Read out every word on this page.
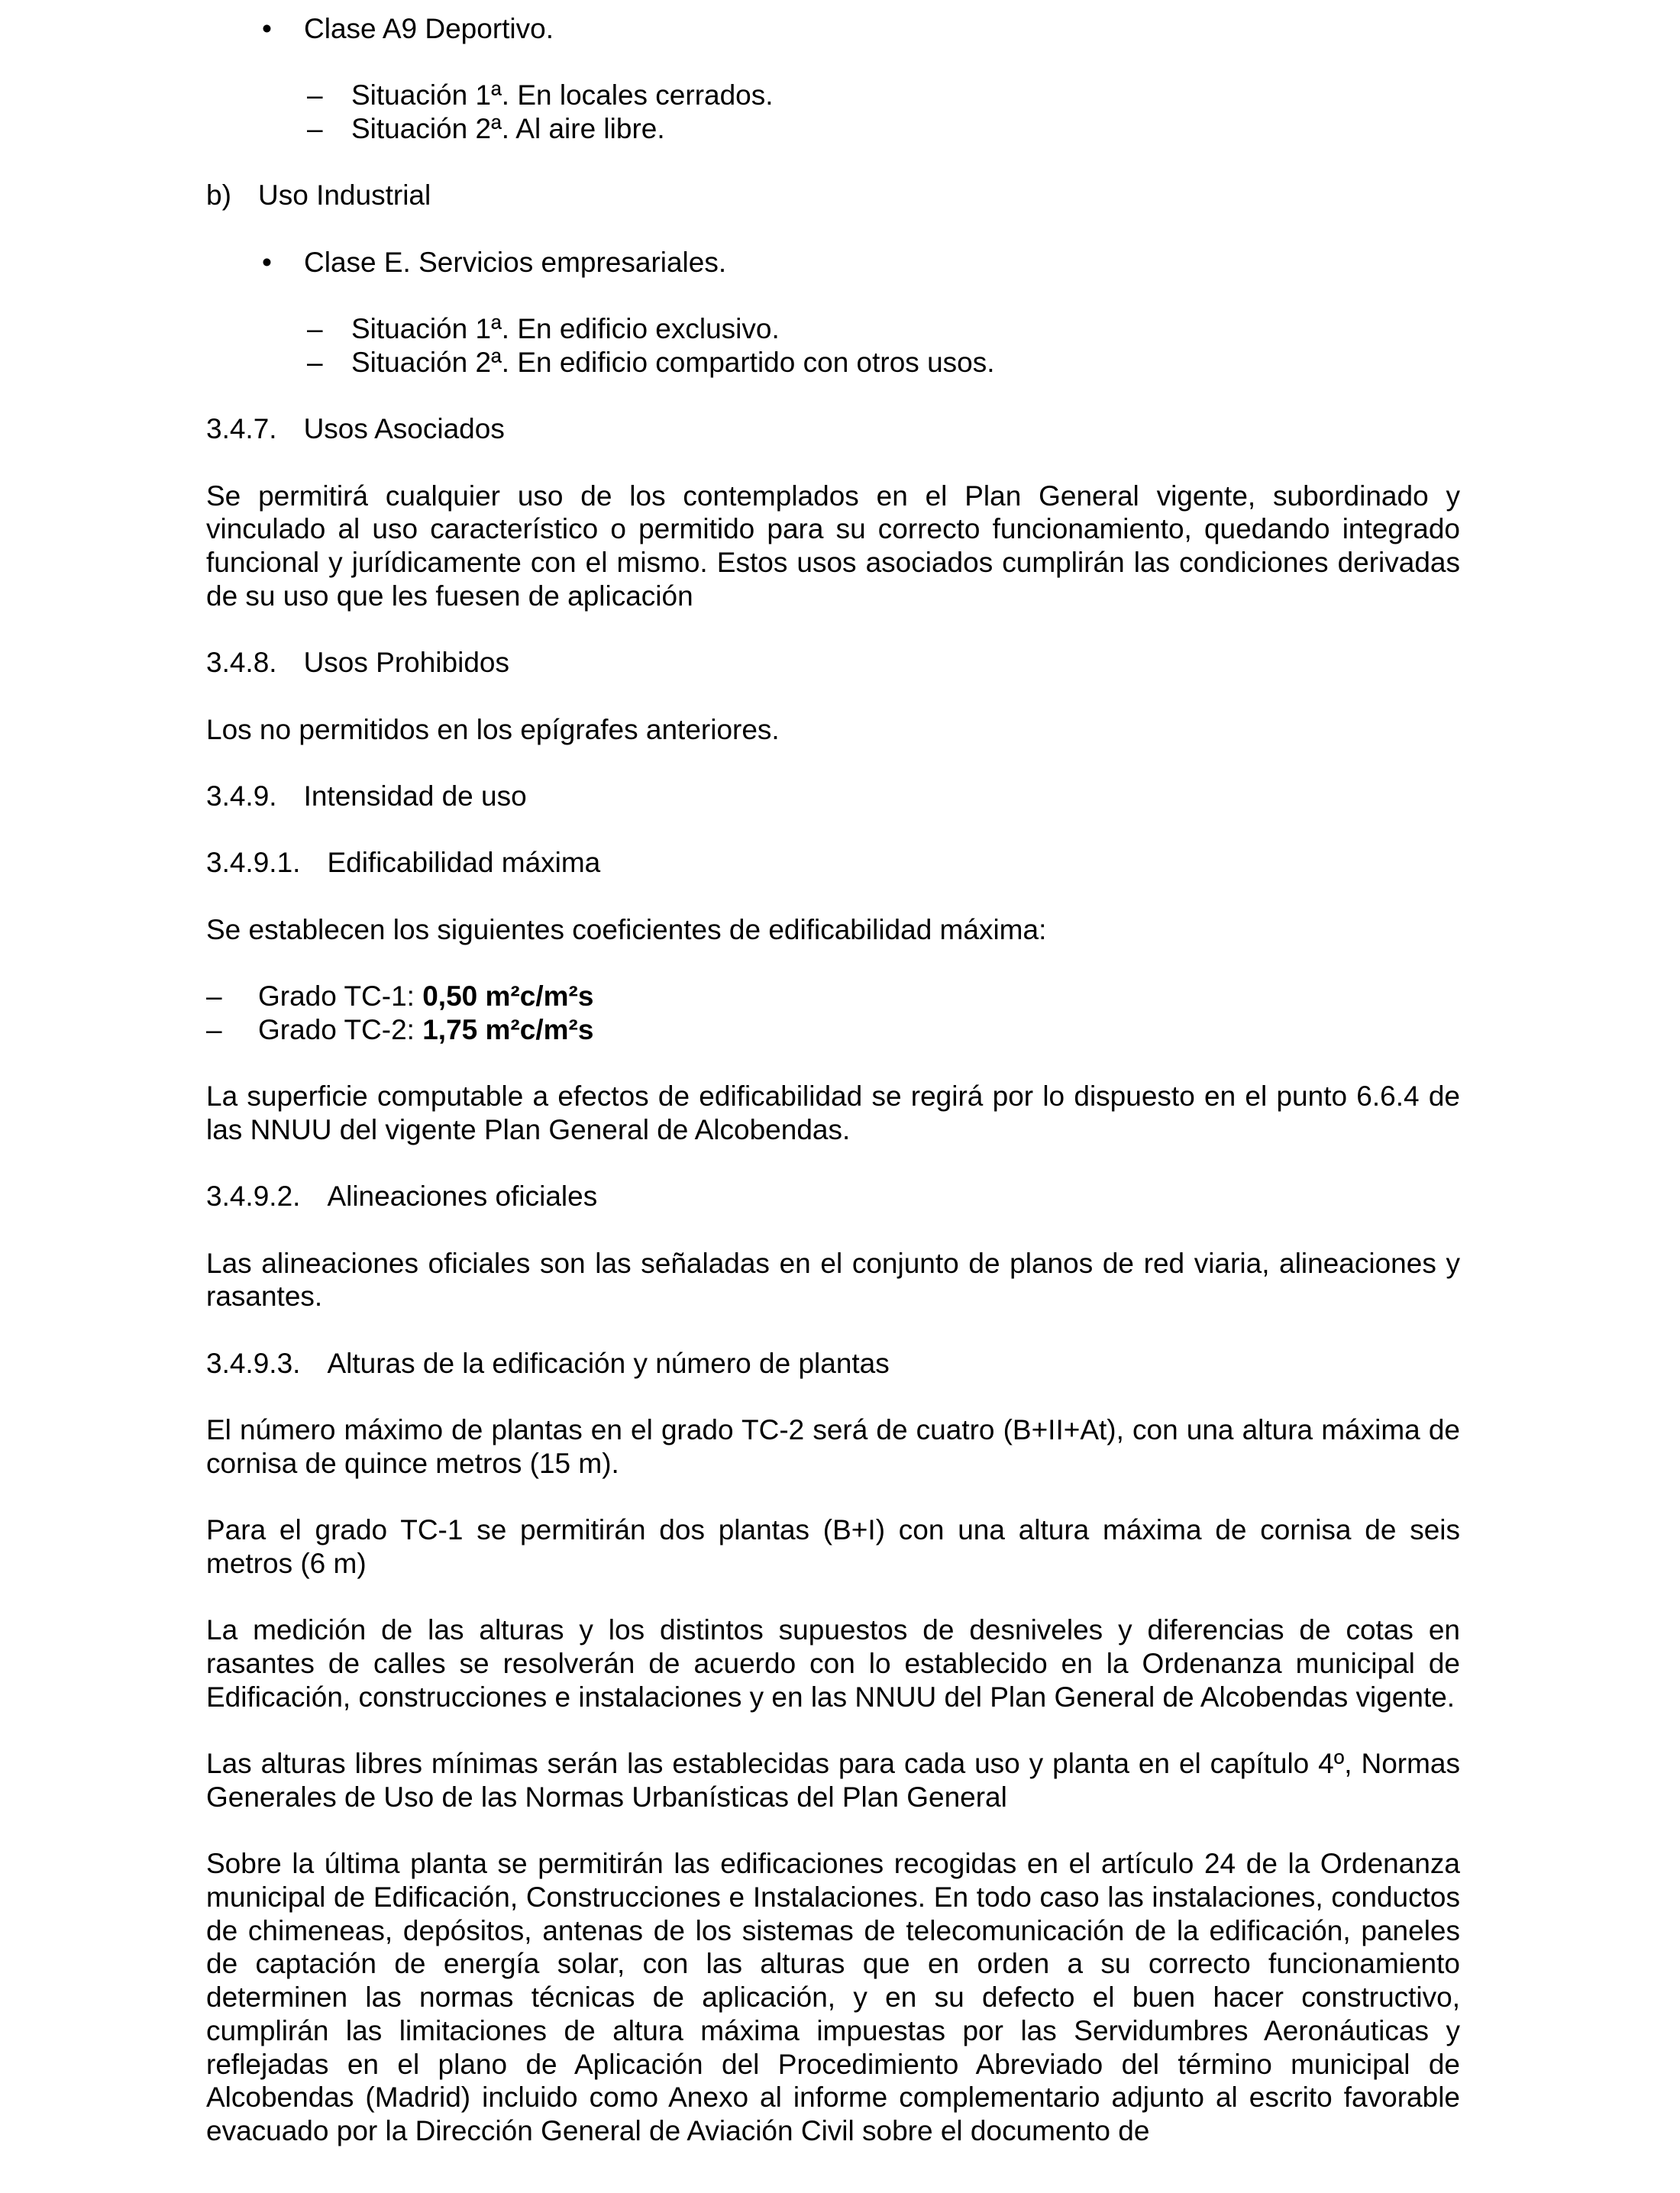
• Clase A9 Deportivo.
– Situación 1ª. En locales cerrados.
– Situación 2ª. Al aire libre.
b) Uso Industrial
• Clase E. Servicios empresariales.
– Situación 1ª. En edificio exclusivo.
– Situación 2ª. En edificio compartido con otros usos.
3.4.7. Usos Asociados
Se permitirá cualquier uso de los contemplados en el Plan General vigente, subordinado y vinculado al uso característico o permitido para su correcto funcionamiento, quedando integrado funcional y jurídicamente con el mismo. Estos usos asociados cumplirán las condiciones derivadas de su uso que les fuesen de aplicación
3.4.8. Usos Prohibidos
Los no permitidos en los epígrafes anteriores.
3.4.9. Intensidad de uso
3.4.9.1. Edificabilidad máxima
Se establecen los siguientes coeficientes de edificabilidad máxima:
– Grado TC-1: 0,50 m²c/m²s
– Grado TC-2: 1,75 m²c/m²s
La superficie computable a efectos de edificabilidad se regirá por lo dispuesto en el punto 6.6.4 de las NNUU del vigente Plan General de Alcobendas.
3.4.9.2. Alineaciones oficiales
Las alineaciones oficiales son las señaladas en el conjunto de planos de red viaria, alineaciones y rasantes.
3.4.9.3. Alturas de la edificación y número de plantas
El número máximo de plantas en el grado TC-2 será de cuatro (B+II+At), con una altura máxima de cornisa de quince metros (15 m).
Para el grado TC-1 se permitirán dos plantas (B+I) con una altura máxima de cornisa de seis metros (6 m)
La medición de las alturas y los distintos supuestos de desniveles y diferencias de cotas en rasantes de calles se resolverán de acuerdo con lo establecido en la Ordenanza municipal de Edificación, construcciones e instalaciones y en las NNUU del Plan General de Alcobendas vigente.
Las alturas libres mínimas serán las establecidas para cada uso y planta en el capítulo 4º, Normas Generales de Uso de las Normas Urbanísticas del Plan General
Sobre la última planta se permitirán las edificaciones recogidas en el artículo 24 de la Ordenanza municipal de Edificación, Construcciones e Instalaciones. En todo caso las instalaciones, conductos de chimeneas, depósitos, antenas de los sistemas de telecomunicación de la edificación, paneles de captación de energía solar, con las alturas que en orden a su correcto funcionamiento determinen las normas técnicas de aplicación, y en su defecto el buen hacer constructivo, cumplirán las limitaciones de altura máxima impuestas por las Servidumbres Aeronáuticas y reflejadas en el plano de Aplicación del Procedimiento Abreviado del término municipal de Alcobendas (Madrid) incluido como Anexo al informe complementario adjunto al escrito favorable evacuado por la Dirección General de Aviación Civil sobre el documento de
